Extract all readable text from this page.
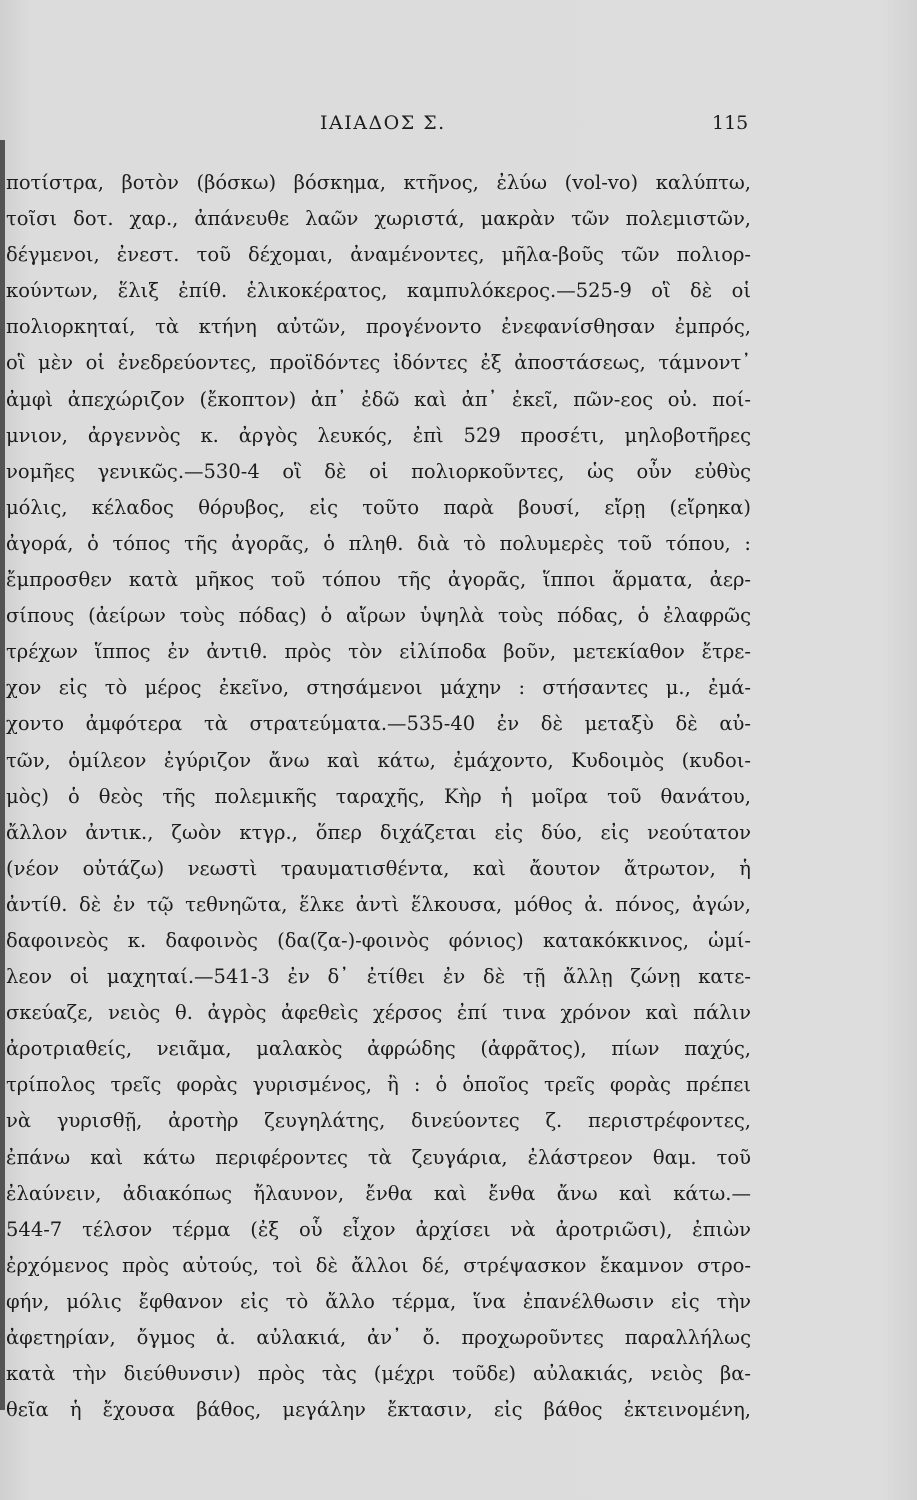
ΙΑΙΑΔΟΣ Σ.	115
ποτίστρα, βοτὸν (βόσκω) βόσκημα, κτῆνος, ἐλύω (vol-vo) καλύπτω,
τοῖσι δοτ. χαρ., ἀπάνευθε λαῶν χωριστά, μακρὰν τῶν πολεμιστῶν,
δέγμενοι, ἐνεστ. τοῦ δέχομαι, ἀναμένοντες, μῆλα-βοῦς τῶν πολιορ-
κούντων, ἕλιξ ἐπίθ. ἑλικοκέρατος, καμπυλόκερος.—525-9 οἳ δὲ οἱ
πολιορκηταί, τὰ κτήνη αὐτῶν, προγένοντο ἐνεφανίσθησαν ἐμπρός,
οἳ μὲν οἱ ἐνεδρεύοντες, προϊδόντες ἰδόντες ἐξ ἀποστάσεως, τάμνοντ᾽
ἀμφὶ ἀπεχώριζον (ἔκοπτον) ἀπ᾽ ἐδῶ καὶ ἀπ᾽ ἐκεῖ, πῶν-εος οὐ. ποί-
μνιον, ἀργεννὸς κ. ἀργὸς λευκός, ἐπὶ 529 προσέτι, μηλοβοτῆρες
νομῆες γενικῶς.—530-4 οἳ δὲ οἱ πολιορκοῦντες, ὡς οὖν εὐθὺς
μόλις, κέλαδος θόρυβος, εἰς τοῦτο παρὰ βουσί, εἴρῃ (εἴρηκα)
ἀγορά, ὁ τόπος τῆς ἀγορᾶς, ὁ πληθ. διὰ τὸ πολυμερὲς τοῦ τόπου, :
ἔμπροσθεν κατὰ μῆκος τοῦ τόπου τῆς ἀγορᾶς, ἵπποι ἅρματα, ἀερ-
σίπους (ἀείρων τοὺς πόδας) ὁ αἴρων ὑψηλὰ τοὺς πόδας, ὁ ἐλαφρῶς
τρέχων ἵππος ἐν ἀντιθ. πρὸς τὸν εἰλίποδα βοῦν, μετεκίαθον ἔτρε-
χον εἰς τὸ μέρος ἐκεῖνο, στησάμενοι μάχην : στήσαντες μ., ἐμά-
χοντο ἀμφότερα τὰ στρατεύματα.—535-40 ἐν δὲ μεταξὺ δὲ αὐ-
τῶν, ὁμίλεον ἐγύριζον ἄνω καὶ κάτω, ἐμάχοντο, Κυδοιμὸς (κυδοι-
μὸς) ὁ θεὸς τῆς πολεμικῆς ταραχῆς, Κὴρ ἡ μοῖρα τοῦ θανάτου,
ἄλλον ἀντικ., ζωὸν κτγρ., ὅπερ διχάζεται εἰς δύο, εἰς νεούτατον
(νέον οὐτάζω) νεωστὶ τραυματισθέντα, καὶ ἄουτον ἄτρωτον, ἡ
ἀντίθ. δὲ ἐν τῷ τεθνηῶτα, ἕλκε ἀντὶ ἕλκουσα, μόθος ἀ. πόνος, ἀγών,
δαφοινεὸς κ. δαφοινὸς (δα(ζα-)-φοινὸς φόνιος) κατακόκκινος, ὡμί-
λεον οἱ μαχηταί.—541-3 ἐν δ᾽ ἐτίθει ἐν δὲ τῇ ἄλλῃ ζώνῃ κατε-
σκεύαζε, νειὸς θ. ἀγρὸς ἀφεθεὶς χέρσος ἐπί τινα χρόνον καὶ πάλιν
ἀροτριαθείς, νειᾶμα, μαλακὸς ἀφρώδης (ἀφρᾶτος), πίων παχύς,
τρίπολος τρεῖς φορὰς γυρισμένος, ἢ : ὁ ὁποῖος τρεῖς φορὰς πρέπει
νὰ γυρισθῇ, ἀροτὴρ ζευγηλάτης, δινεύοντες ζ. περιστρέφοντες,
ἐπάνω καὶ κάτω περιφέροντες τὰ ζευγάρια, ἐλάστρεον θαμ. τοῦ
ἐλαύνειν, ἀδιακόπως ἤλαυνον, ἔνθα καὶ ἔνθα ἄνω καὶ κάτω.—
544-7 τέλσον τέρμα (ἐξ οὗ εἶχον ἀρχίσει νὰ ἀροτριῶσι), ἐπιὼν
ἐρχόμενος πρὸς αὐτούς, τοὶ δὲ ἄλλοι δέ, στρέψασκον ἔκαμνον στρο-
φήν, μόλις ἔφθανον εἰς τὸ ἄλλο τέρμα, ἵνα ἐπανέλθωσιν εἰς τὴν
ἀφετηρίαν, ὄγμος ἀ. αὐλακιά, ἀν᾽ ὄ. προχωροῦντες παραλλήλως
κατὰ τὴν διεύθυνσιν) πρὸς τὰς (μέχρι τοῦδε) αὐλακιάς, νειὸς βα-
θεῖα ἡ ἔχουσα βάθος, μεγάλην ἔκτασιν, εἰς βάθος ἐκτεινομένη,
